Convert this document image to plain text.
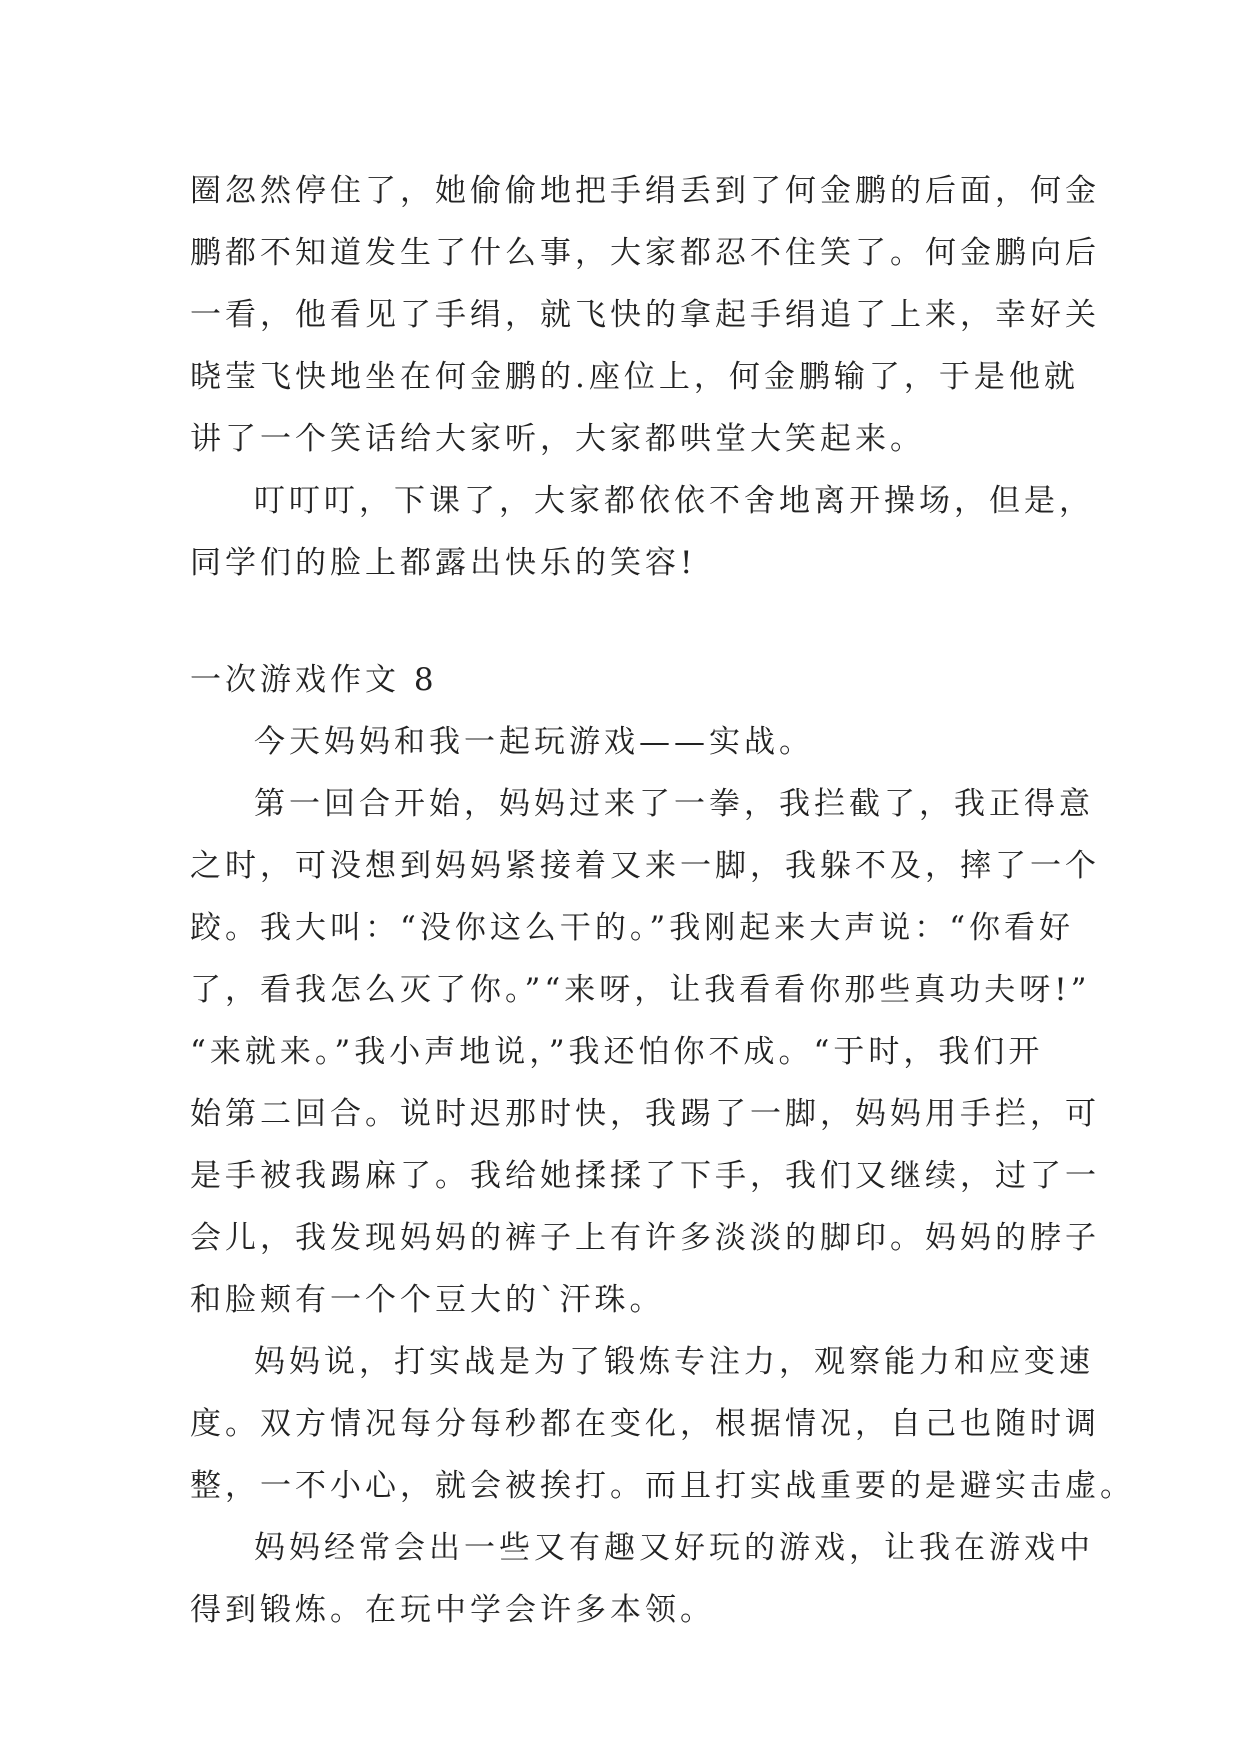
圈忽然停住了，她偷偷地把手绢丢到了何金鹏的后面，何金
鹏都不知道发生了什么事，大家都忍不住笑了。何金鹏向后
一看，他看见了手绢，就飞快的拿起手绢追了上来，幸好关
晓莹飞快地坐在何金鹏的.座位上，何金鹏输了，于是他就
讲了一个笑话给大家听，大家都哄堂大笑起来。
叮叮叮，下课了，大家都依依不舍地离开操场，但是，
同学们的脸上都露出快乐的笑容!
一次游戏作文 8
今天妈妈和我一起玩游戏——实战。
第一回合开始，妈妈过来了一拳，我拦截了，我正得意
之时，可没想到妈妈紧接着又来一脚，我躲不及，摔了一个
跤。我大叫：“没你这么干的。”我刚起来大声说：“你看好
了，看我怎么灭了你。”“来呀，让我看看你那些真功夫呀!”
“来就来。”我小声地说，”我还怕你不成。“于时，我们开
始第二回合。说时迟那时快，我踢了一脚，妈妈用手拦，可
是手被我踢麻了。我给她揉揉了下手，我们又继续，过了一
会儿，我发现妈妈的裤子上有许多淡淡的脚印。妈妈的脖子
和脸颊有一个个豆大的`汗珠。
妈妈说，打实战是为了锻炼专注力，观察能力和应变速
度。双方情况每分每秒都在变化，根据情况，自己也随时调
整，一不小心，就会被挨打。而且打实战重要的是避实击虚。
妈妈经常会出一些又有趣又好玩的游戏，让我在游戏中
得到锻炼。在玩中学会许多本领。
